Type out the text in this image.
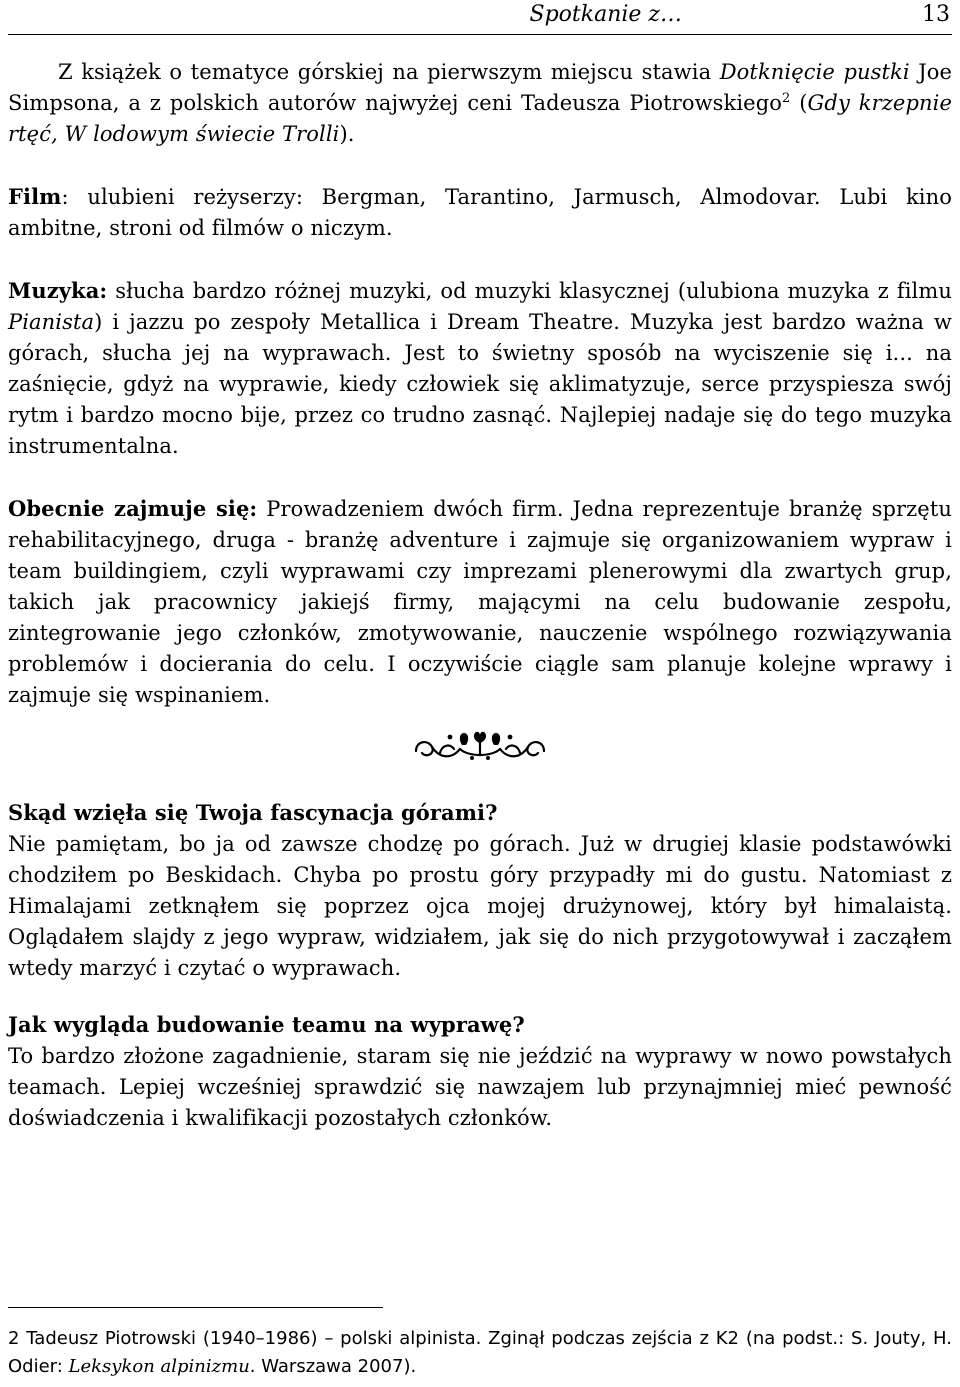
Spotkanie z…	13

Z książek o tematyce górskiej na pierwszym miejscu stawia Dotknięcie pustki Joe Simpsona, a z polskich autorów najwyżej ceni Tadeusza Piotrowskiego$^2$ (Gdy krzepnie rtęć, W lodowym świecie Trolli).

Film: ulubieni reżyserzy: Bergman, Tarantino, Jarmusch, Almodovar. Lubi kino ambitne, stroni od filmów o niczym.

Muzyka: słucha bardzo różnej muzyki, od muzyki klasycznej (ulubiona muzyka z filmu Pianista) i jazzu po zespoły Metallica i Dream Theatre. Muzyka jest bardzo ważna w górach, słucha jej na wyprawach. Jest to świetny sposób na wyciszenie się i... na zaśnięcie, gdyż na wyprawie, kiedy człowiek się aklimatyzuje, serce przyspiesza swój rytm i bardzo mocno bije, przez co trudno zasnąć. Najlepiej nadaje się do tego muzyka instrumentalna.

Obecnie zajmuje się: Prowadzeniem dwóch firm. Jedna reprezentuje branżę sprzętu rehabilitacyjnego, druga - branżę adventure i zajmuje się organizowaniem wypraw i team buildingiem, czyli wyprawami czy imprezami plenerowymi dla zwartych grup, takich jak pracownicy jakiejś firmy, mającymi na celu budowanie zespołu, zintegrowanie jego członków, zmotywowanie, nauczenie wspólnego rozwiązywania problemów i docierania do celu. I oczywiście ciągle sam planuje kolejne wprawy i zajmuje się wspinaniem.

Skąd wzięła się Twoja fascynacja górami?

Nie pamiętam, bo ja od zawsze chodzę po górach. Już w drugiej klasie podstawówki chodziłem po Beskidach. Chyba po prostu góry przypadły mi do gustu. Natomiast z Himalajami zetknąłem się poprzez ojca mojej drużynowej, który był himalaistą. Oglądałem slajdy z jego wypraw, widziałem, jak się do nich przygotowywał i zacząłem wtedy marzyć i czytać o wyprawach.

Jak wygląda budowanie teamu na wyprawę?

To bardzo złożone zagadnienie, staram się nie jeździć na wyprawy w nowo powstałych teamach. Lepiej wcześniej sprawdzić się nawzajem lub przynajmniej mieć pewność doświadczenia i kwalifikacji pozostałych członków.

2 Tadeusz Piotrowski (1940–1986) – polski alpinista. Zginął podczas zejścia z K2 (na podst.: S. Jouty, H. Odier: Leksykon alpinizmu. Warszawa 2007).
